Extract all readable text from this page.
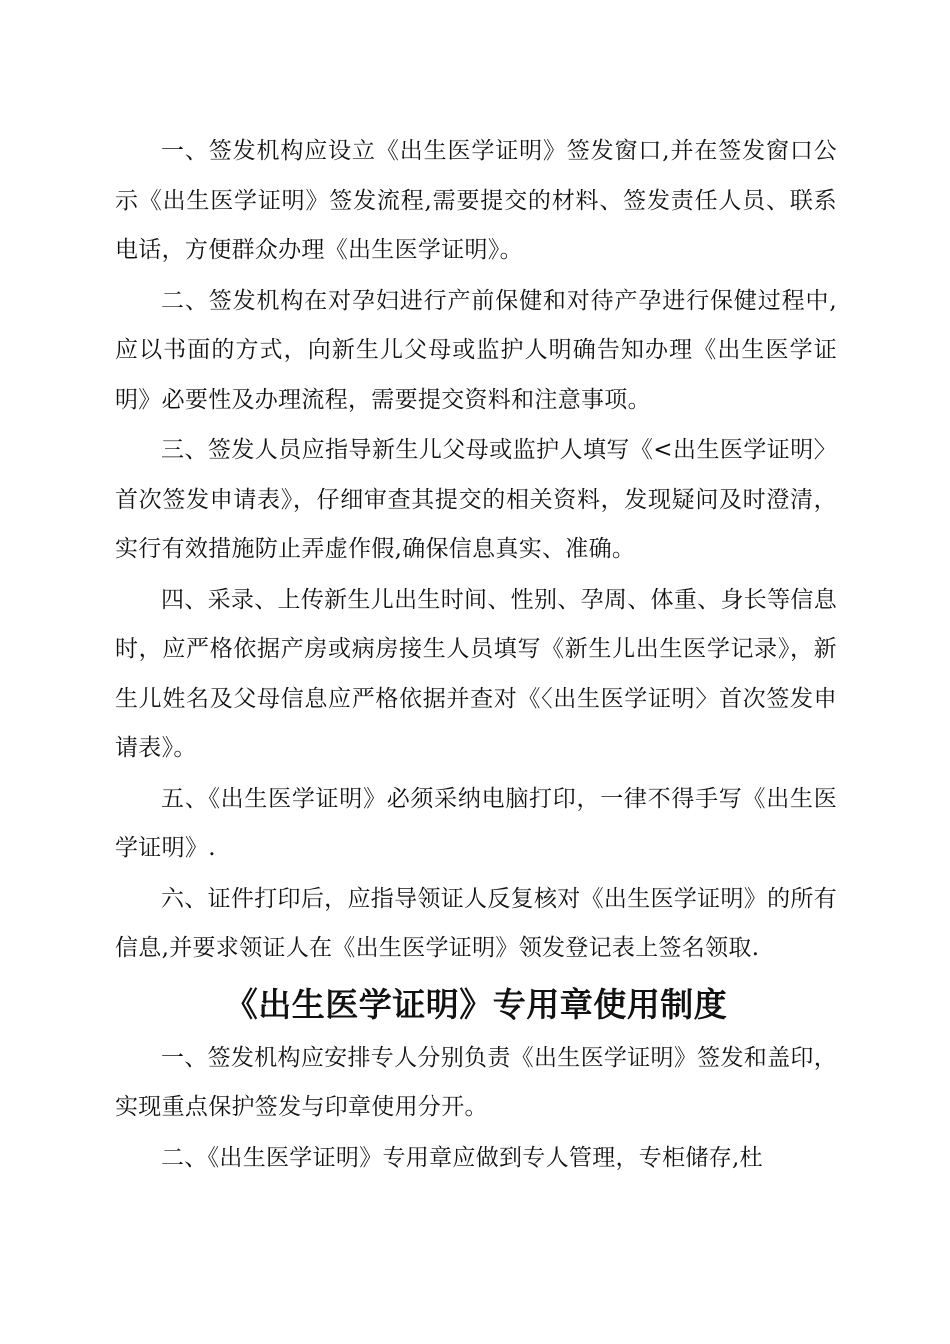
一、签发机构应设立《出生医学证明》签发窗口,并在签发窗口公示《出生医学证明》签发流程,需要提交的材料、签发责任人员、联系电话，方便群众办理《出生医学证明》。

二、签发机构在对孕妇进行产前保健和对待产孕进行保健过程中,应以书面的方式，向新生儿父母或监护人明确告知办理《出生医学证明》必要性及办理流程，需要提交资料和注意事项。

三、签发人员应指导新生儿父母或监护人填写《<出生医学证明〉首次签发申请表》，仔细审查其提交的相关资料，发现疑问及时澄清，实行有效措施防止弄虚作假,确保信息真实、准确。

四、采录、上传新生儿出生时间、性别、孕周、体重、身长等信息时，应严格依据产房或病房接生人员填写《新生儿出生医学记录》，新生儿姓名及父母信息应严格依据并查对《〈出生医学证明〉首次签发申请表》。

五、《出生医学证明》必须采纳电脑打印，一律不得手写《出生医学证明》.

六、证件打印后，应指导领证人反复核对《出生医学证明》的所有信息,并要求领证人在《出生医学证明》领发登记表上签名领取.

《出生医学证明》专用章使用制度

一、签发机构应安排专人分别负责《出生医学证明》签发和盖印，实现重点保护签发与印章使用分开。

二、《出生医学证明》专用章应做到专人管理，专柜储存,杜
